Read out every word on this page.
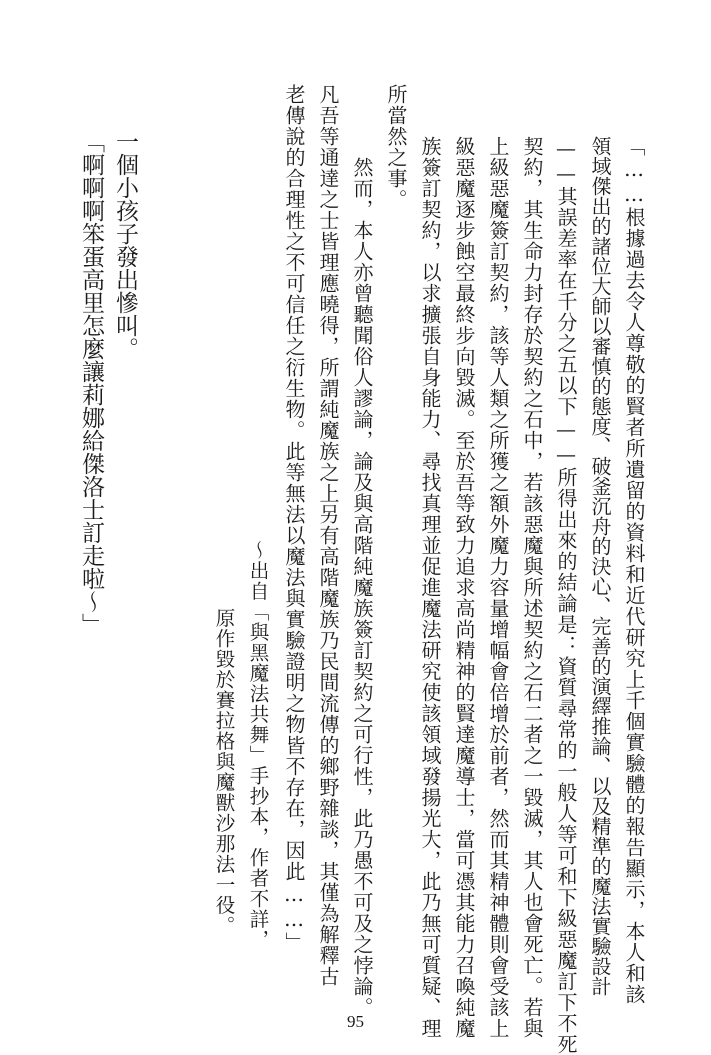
「……根據過去令人尊敬的賢者所遺留的資料和近代研究上千個實驗體的報告顯示，本人和該
領域傑出的諸位大師以審慎的態度、破釜沉舟的決心、完善的演繹推論、以及精準的魔法實驗設計
——其誤差率在千分之五以下——所得出來的結論是：資質尋常的一般人等可和下級惡魔訂下不死
契約，其生命力封存於契約之石中，若該惡魔與所述契約之石二者之一毀滅，其人也會死亡。若與
上級惡魔簽訂契約，該等人類之所獲之額外魔力容量增幅會倍增於前者，然而其精神體則會受該上
級惡魔逐步蝕空最終步向毀滅。至於吾等致力追求高尚精神的賢達魔導士，當可憑其能力召喚純魔
族簽訂契約，以求擴張自身能力、尋找真理並促進魔法研究使該領域發揚光大，此乃無可質疑、理
所當然之事。
　然而，本人亦曾聽聞俗人謬論，論及與高階純魔族簽訂契約之可行性，此乃愚不可及之悖論。
凡吾等通達之士皆理應曉得，所謂純魔族之上另有高階魔族乃民間流傳的鄉野雜談，其僅為解釋古
老傳說的合理性之不可信任之衍生物。此等無法以魔法與實驗證明之物皆不存在，因此……」
～出自「與黑魔法共舞」手抄本，作者不詳，
原作毀於賽拉格與魔獸沙那法一役。
一個小孩子發出慘叫。
「啊啊啊笨蛋高里怎麼讓莉娜給傑洛士訂走啦～」
95
